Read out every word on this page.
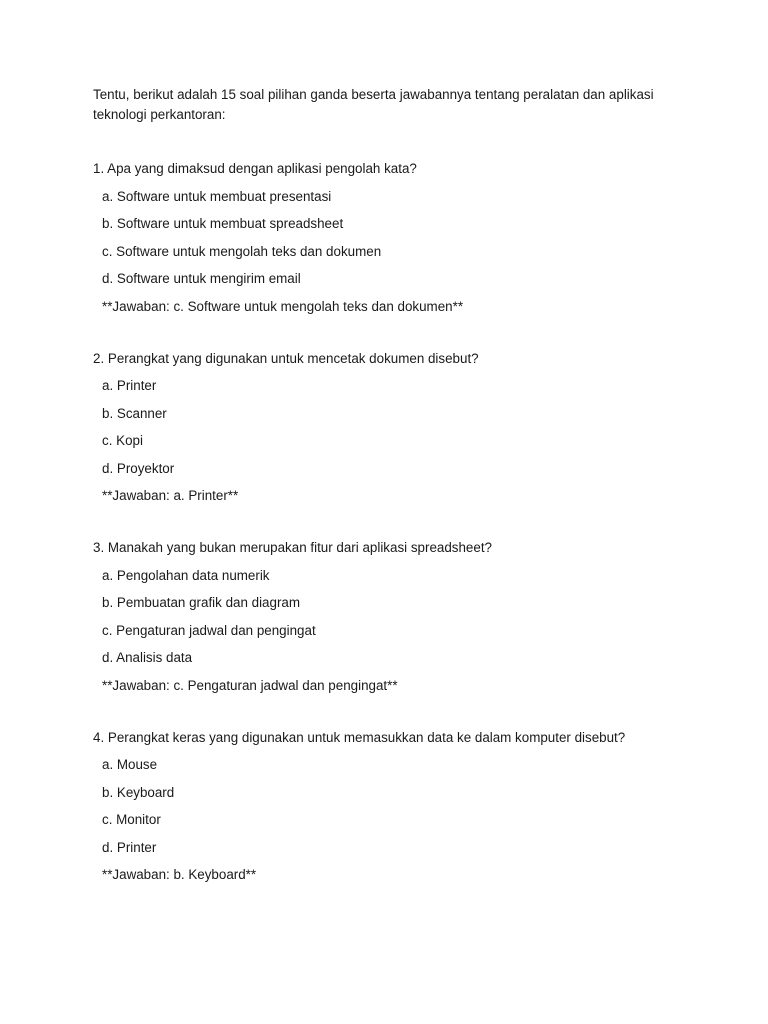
Tentu, berikut adalah 15 soal pilihan ganda beserta jawabannya tentang peralatan dan aplikasi teknologi perkantoran:

1. Apa yang dimaksud dengan aplikasi pengolah kata?
a. Software untuk membuat presentasi
b. Software untuk membuat spreadsheet
c. Software untuk mengolah teks dan dokumen
d. Software untuk mengirim email
**Jawaban: c. Software untuk mengolah teks dan dokumen**
2. Perangkat yang digunakan untuk mencetak dokumen disebut?
a. Printer
b. Scanner
c. Kopi
d. Proyektor
**Jawaban: a. Printer**
3. Manakah yang bukan merupakan fitur dari aplikasi spreadsheet?
a. Pengolahan data numerik
b. Pembuatan grafik dan diagram
c. Pengaturan jadwal dan pengingat
d. Analisis data
**Jawaban: c. Pengaturan jadwal dan pengingat**
4. Perangkat keras yang digunakan untuk memasukkan data ke dalam komputer disebut?
a. Mouse
b. Keyboard
c. Monitor
d. Printer
**Jawaban: b. Keyboard**
